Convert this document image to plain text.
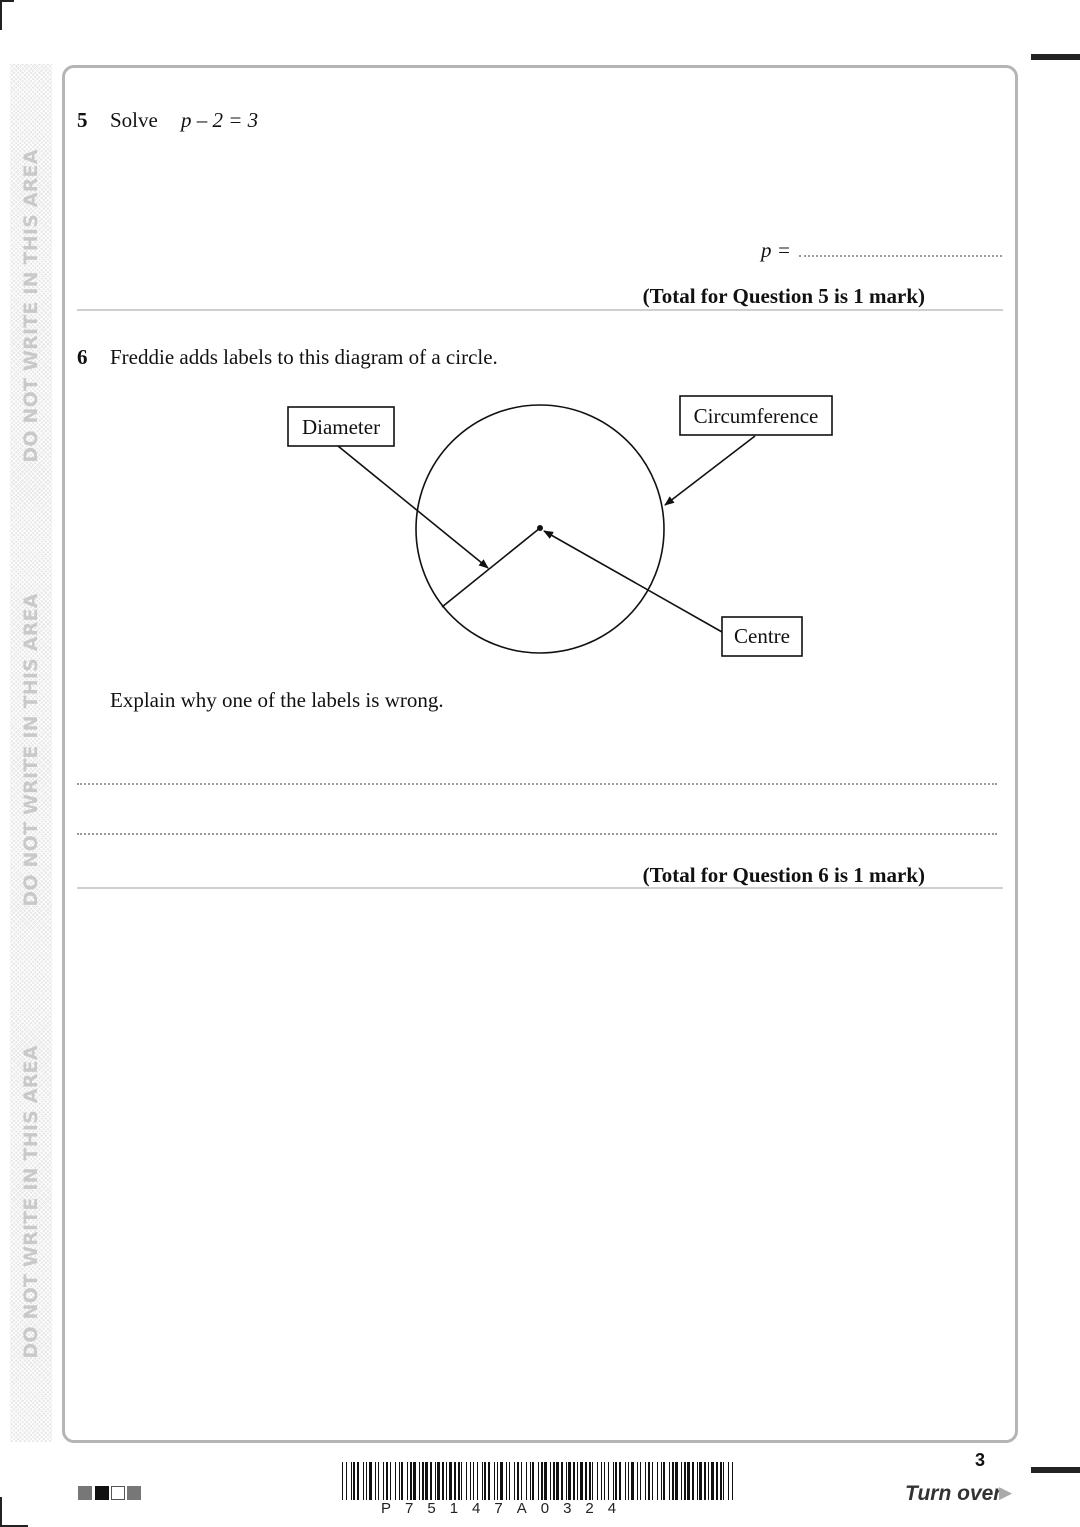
DO NOT WRITE IN THIS AREA
DO NOT WRITE IN THIS AREA
DO NOT WRITE IN THIS AREA
5 Solve p – 2 = 3
p =
(Total for Question 5 is 1 mark)
6 Freddie adds labels to this diagram of a circle.
Diameter	Circumference
Centre
Explain why one of the labels is wrong.
(Total for Question 6 is 1 mark)
P75147A0324
3
Turn over
▶
